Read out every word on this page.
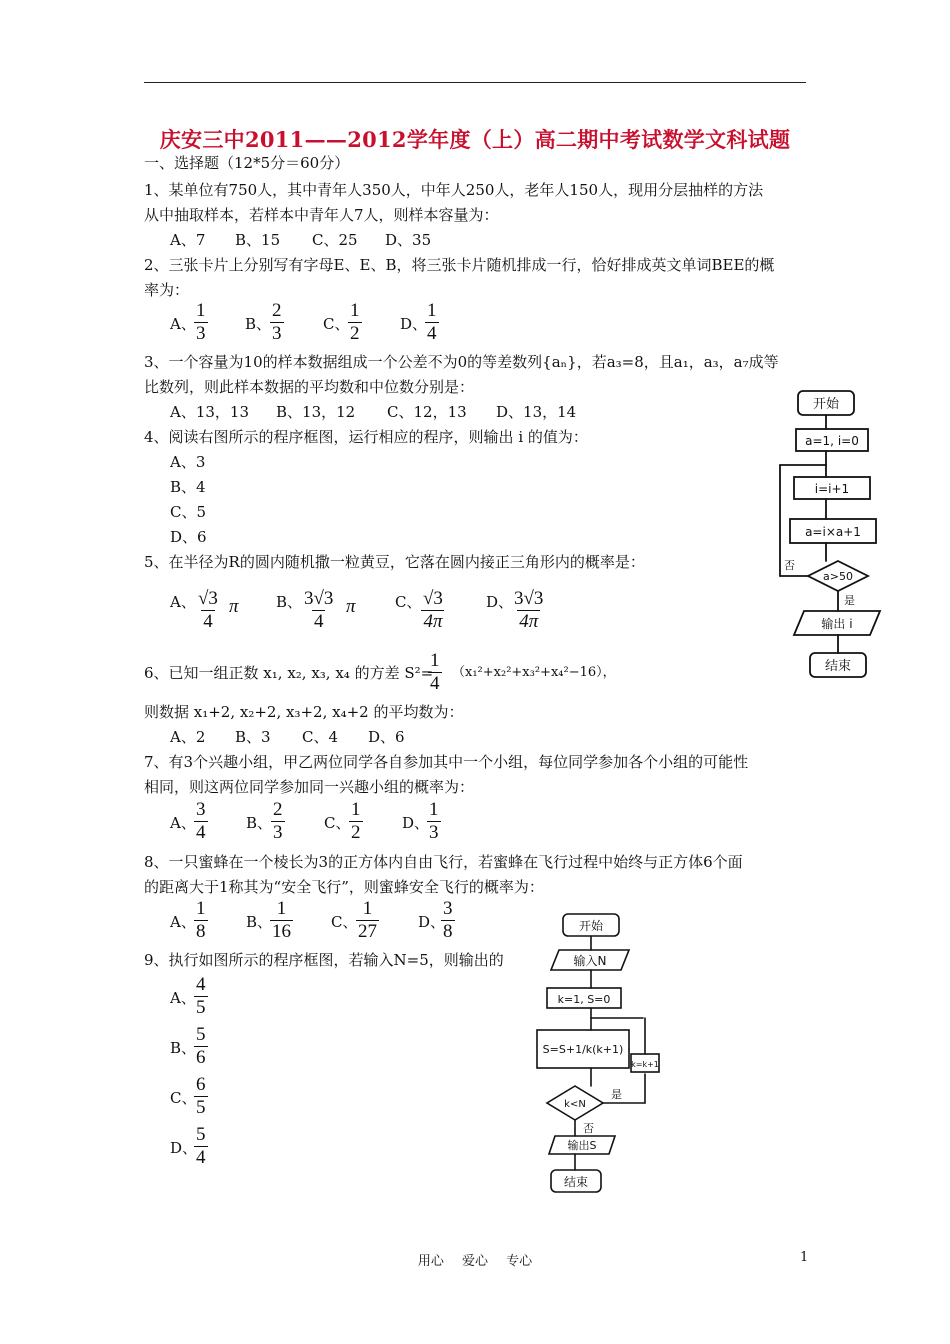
庆安三中2011——2012学年度（上）高二期中考试数学文科试题
一、选择题（12*5分＝60分）
1、某单位有750人，其中青年人350人，中年人250人，老年人150人，现用分层抽样的方法
从中抽取样本，若样本中青年人7人，则样本容量为：
A、7 B、15 C、25 D、35
2、三张卡片上分别写有字母E、E、B，将三张卡片随机排成一行，恰好排成英文单词BEE的概
率为：
A、
$\frac{1}{3}$	B、
$\frac{2}{3}$	C、
$\frac{1}{2}$	D、
$\frac{1}{4}$
3、一个容量为10的样本数据组成一个公差不为0的等差数列{aₙ}，若a₃=8，且a₁，a₃，a₇成等
比数列，则此样本数据的平均数和中位数分别是：
A、13，13 B、13，12 C、12，13 D、13，14
4、阅读右图所示的程序框图，运行相应的程序，则输出 i 的值为：
A、3
B、4
C、5
D、6
5、在半径为R的圆内随机撒一粒黄豆，它落在圆内接正三角形内的概率是：
A、 $\frac{√3}{4}$ π B、 $\frac{3√3}{4}$ π	C、 $\frac{√3}{4\pi}$	D、
$\frac{3√3}{4\pi}$
6、已知一组正数 x₁, x₂, x₃, x₄ 的方差 S²=
$\frac{1}{4} (x_1^2+x_2^2+x_3^2+x_4^2-16)$，
则数据 x₁+2, x₂+2, x₃+2, x₄+2 的平均数为：
A、2 B、3 C、4 D、6
7、有3个兴趣小组，甲乙两位同学各自参加其中一个小组，每位同学参加各个小组的可能性
相同，则这两位同学参加同一兴趣小组的概率为：
A、
$\frac{3}{4}$	B、
$\frac{2}{3}$	C、
$\frac{1}{2}$	D、
$\frac{1}{3}$
8、一只蜜蜂在一个棱长为3的正方体内自由飞行，若蜜蜂在飞行过程中始终与正方体6个面
的距离大于1称其为“安全飞行”，则蜜蜂安全飞行的概率为：
A、
$\frac{1}{8}$	B、
$\frac{1}{16}$	C、
$\frac{1}{27}$	D、
$\frac{3}{8}$
9、执行如图所示的程序框图，若输入N=5，则输出的
A、
$\frac{4}{5}$
B、
$\frac{5}{6}$
C、
$\frac{6}{5}$
D、
$\frac{5}{4}$
开始
a=1, i=0
i=i+1
a=i×a+1
a>50
否
是
输出 i
结束
开始
输入N
k=1, S=0
S=S+1/k(k+1)
k=k+1
k<N
是
否
输出S
结束
用心 爱心 专心	1
